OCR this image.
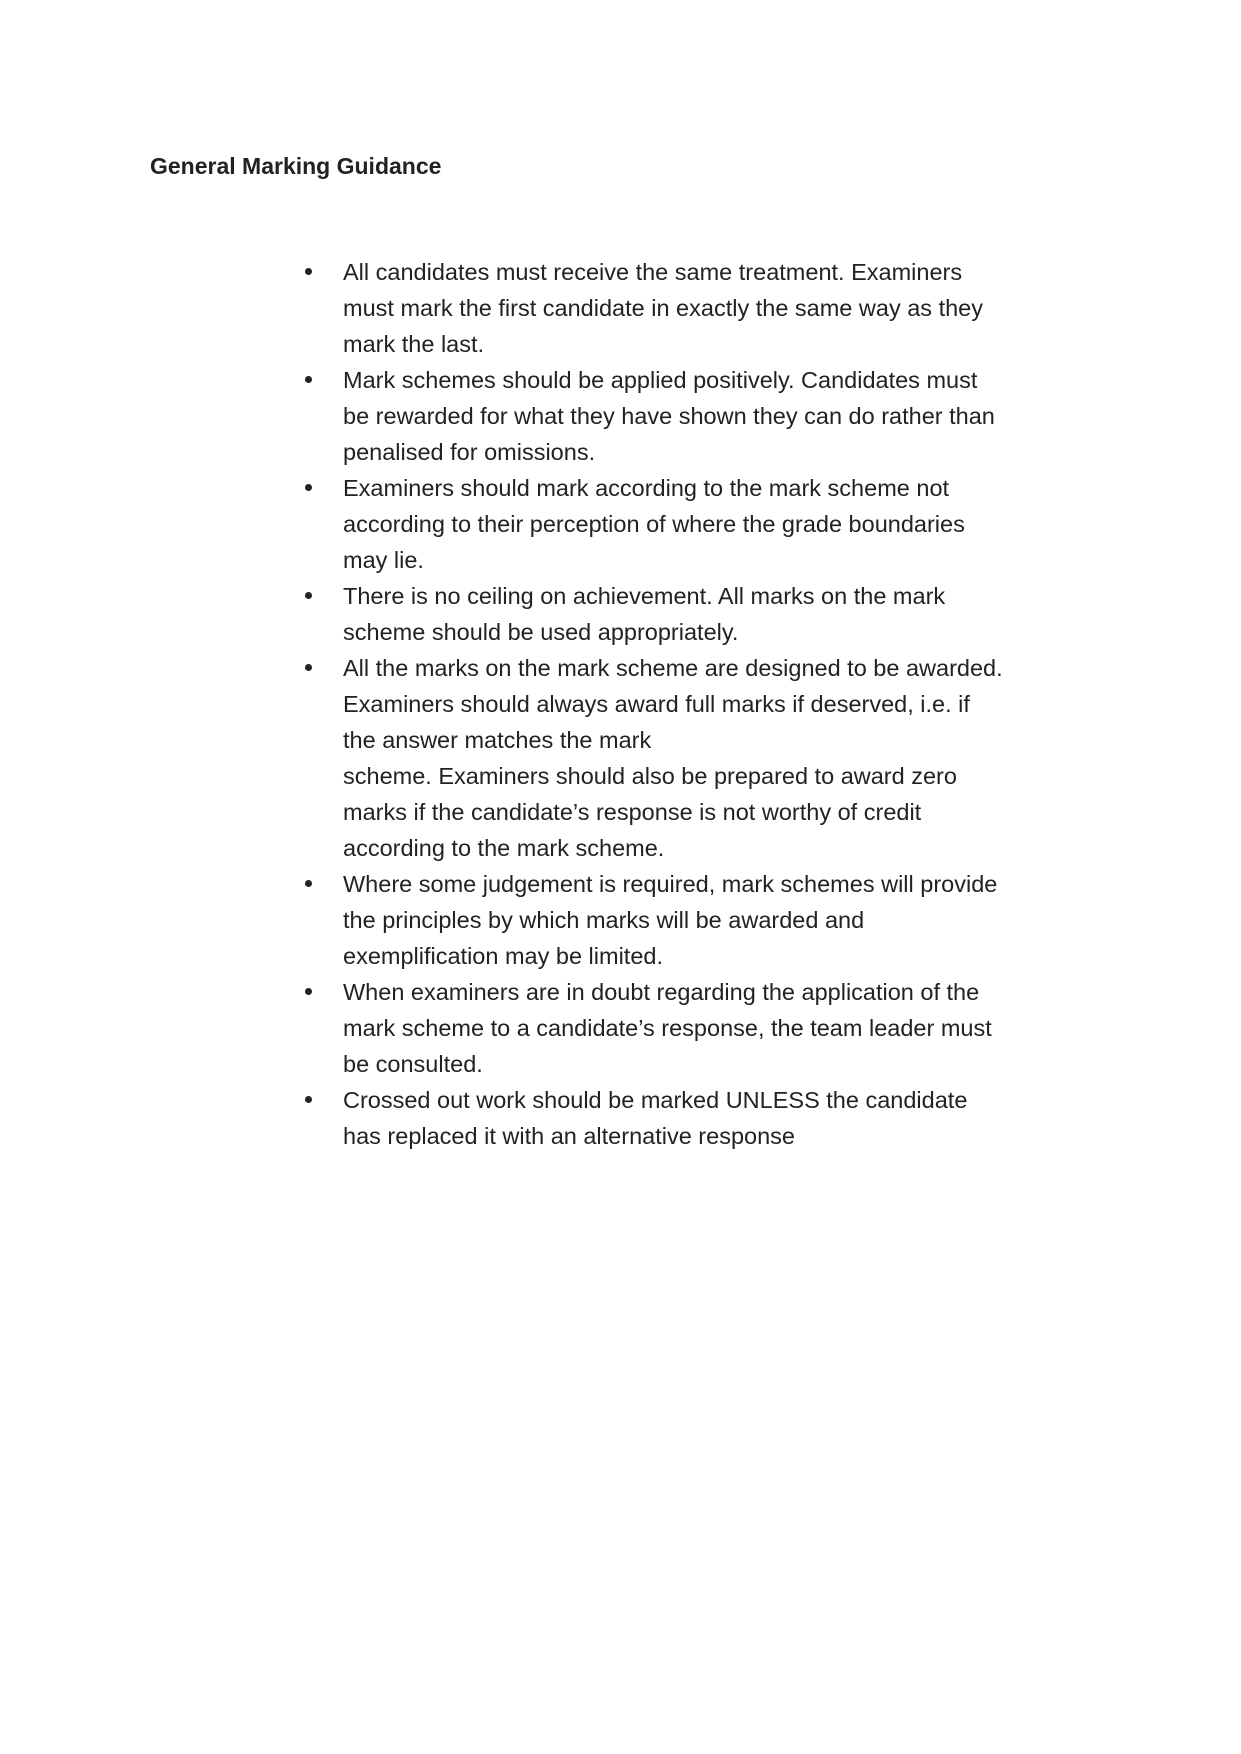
General Marking Guidance
All candidates must receive the same treatment. Examiners must mark the first candidate in exactly the same way as they mark the last.
Mark schemes should be applied positively. Candidates must be rewarded for what they have shown they can do rather than penalised for omissions.
Examiners should mark according to the mark scheme not according to their perception of where the grade boundaries may lie.
There is no ceiling on achievement. All marks on the mark scheme should be used appropriately.
All the marks on the mark scheme are designed to be awarded. Examiners should always award full marks if deserved, i.e. if the answer matches the mark
scheme. Examiners should also be prepared to award zero marks if the candidate’s response is not worthy of credit according to the mark scheme.
Where some judgement is required, mark schemes will provide the principles by which marks will be awarded and exemplification may be limited.
When examiners are in doubt regarding the application of the mark scheme to a candidate’s response, the team leader must be consulted.
Crossed out work should be marked UNLESS the candidate has replaced it with an alternative response
